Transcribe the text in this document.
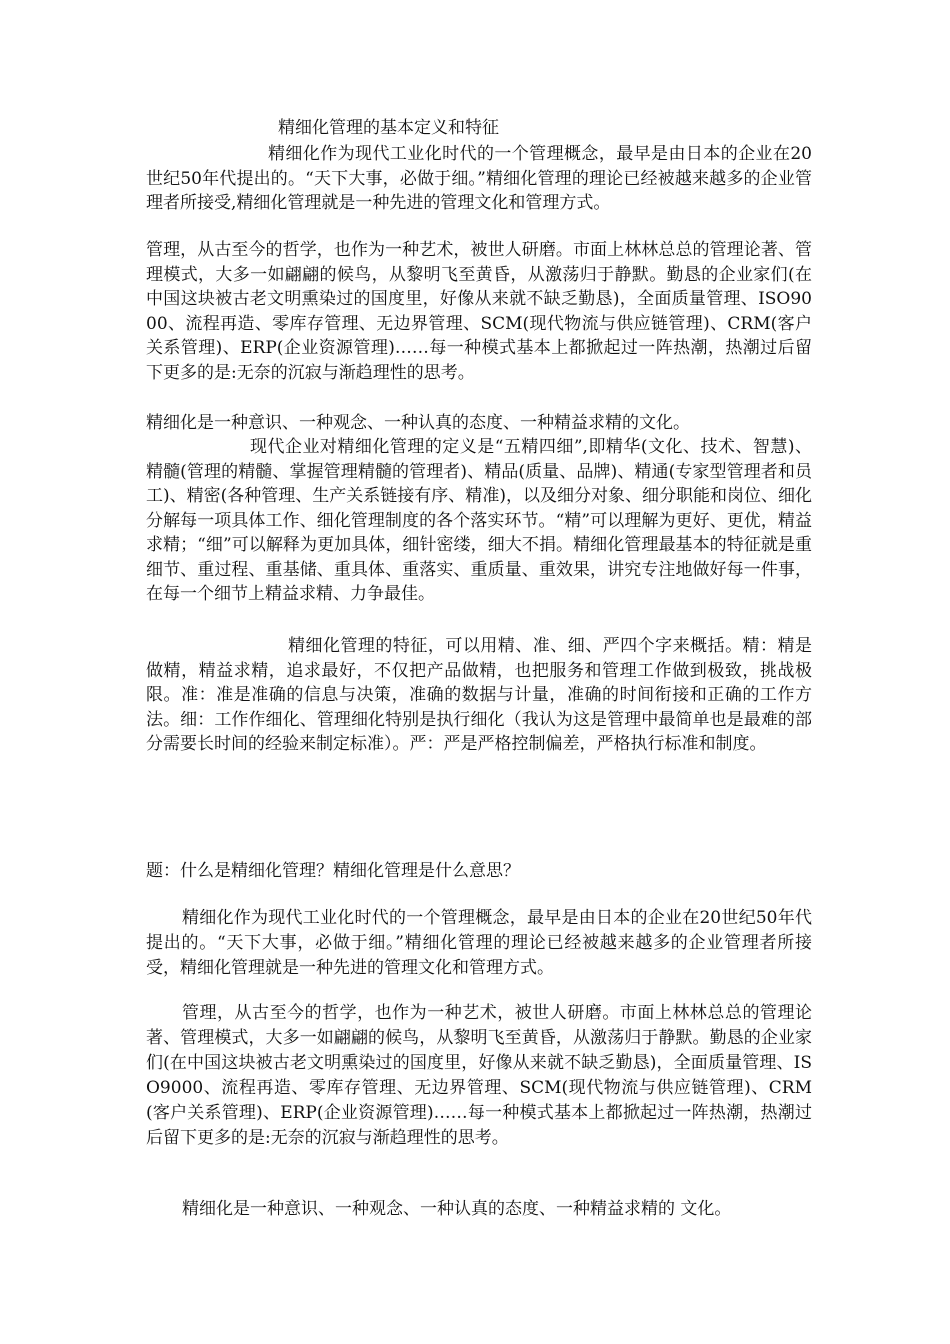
精细化管理的基本定义和特征

精细化作为现代工业化时代的一个管理概念，最早是由日本的企业在20世纪50年代提出的。“天下大事，必做于细。”精细化管理的理论已经被越来越多的企业管理者所接受,精细化管理就是一种先进的管理文化和管理方式。

管理，从古至今的哲学，也作为一种艺术，被世人研磨。市面上林林总总的管理论著、管理模式，大多一如翩翩的候鸟，从黎明飞至黄昏，从激荡归于静默。勤恳的企业家们(在中国这块被古老文明熏染过的国度里，好像从来就不缺乏勤恳)，全面质量管理、ISO9000、流程再造、零库存管理、无边界管理、SCM(现代物流与供应链管理)、CRM(客户关系管理)、ERP(企业资源管理)……每一种模式基本上都掀起过一阵热潮，热潮过后留下更多的是:无奈的沉寂与渐趋理性的思考。

精细化是一种意识、一种观念、一种认真的态度、一种精益求精的文化。

现代企业对精细化管理的定义是“五精四细”,即精华(文化、技术、智慧)、精髓(管理的精髓、掌握管理精髓的管理者)、精品(质量、品牌)、精通(专家型管理者和员工)、精密(各种管理、生产关系链接有序、精准)，以及细分对象、细分职能和岗位、细化分解每一项具体工作、细化管理制度的各个落实环节。“精”可以理解为更好、更优，精益求精；“细”可以解释为更加具体，细针密缕，细大不捐。精细化管理最基本的特征就是重细节、重过程、重基储、重具体、重落实、重质量、重效果，讲究专注地做好每一件事，在每一个细节上精益求精、力争最佳。

精细化管理的特征，可以用精、准、细、严四个字来概括。精：精是做精，精益求精，追求最好，不仅把产品做精，也把服务和管理工作做到极致，挑战极限。准：准是准确的信息与决策，准确的数据与计量，准确的时间衔接和正确的工作方法。细：工作作细化、管理细化特别是执行细化（我认为这是管理中最简单也是最难的部分需要长时间的经验来制定标准）。严：严是严格控制偏差，严格执行标准和制度。

题：什么是精细化管理？精细化管理是什么意思？

精细化作为现代工业化时代的一个管理概念，最早是由日本的企业在20世纪50年代提出的。“天下大事，必做于细。”精细化管理的理论已经被越来越多的企业管理者所接受，精细化管理就是一种先进的管理文化和管理方式。

管理，从古至今的哲学，也作为一种艺术，被世人研磨。市面上林林总总的管理论著、管理模式，大多一如翩翩的候鸟，从黎明飞至黄昏，从激荡归于静默。勤恳的企业家们(在中国这块被古老文明熏染过的国度里，好像从来就不缺乏勤恳)，全面质量管理、ISO9000、流程再造、零库存管理、无边界管理、SCM(现代物流与供应链管理)、CRM(客户关系管理)、ERP(企业资源管理)……每一种模式基本上都掀起过一阵热潮，热潮过后留下更多的是:无奈的沉寂与渐趋理性的思考。

精细化是一种意识、一种观念、一种认真的态度、一种精益求精的 文化。
